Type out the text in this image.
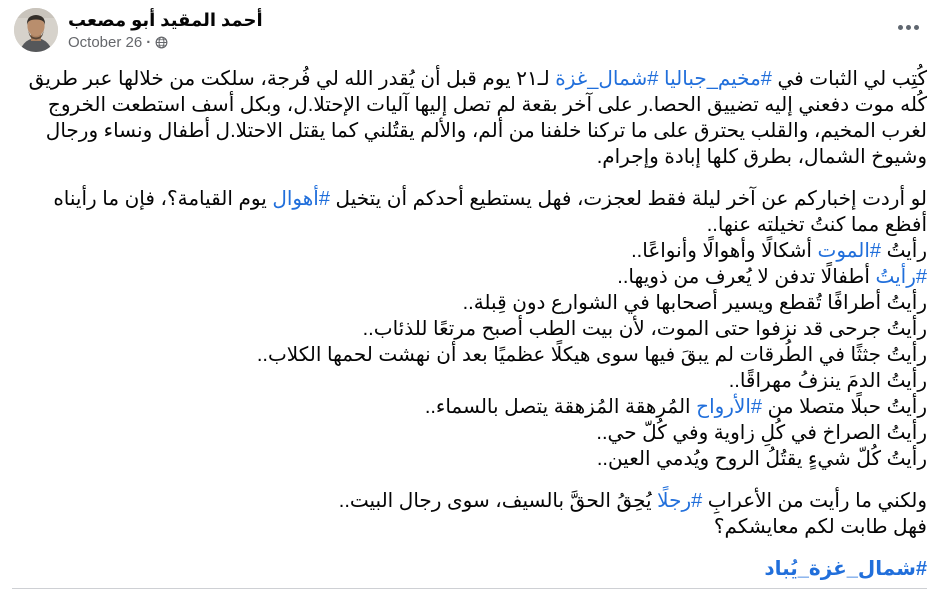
أحمد المقيد أبو مصعب
October 26 ·
كُتِب لي الثبات في #مخيم_جباليا #شمال_غزة لـ٢١ يوم قبل أن يُقدر الله لي فُرجة، سلكت من خلالها عبر طريق كُله موت دفعني إليه تضييق الحصا.ر على آخر بقعة لم تصل إليها آليات الإحتلا.ل، وبكل أسف استطعت الخروج لغرب المخيم، والقلب يحترق على ما تركنا خلفنا من ألم، والألم يقتُلني كما يقتل الاحتلا.ل أطفال ونساء ورجال وشيوخ الشمال، بطرق كلها إبادة وإجرام.
لو أردت إخباركم عن آخر ليلة فقط لعجزت، فهل يستطيع أحدكم أن يتخيل #أهوال يوم القيامة؟، فإن ما رأيناه أفظع مما كنتُ تخيلته عنها..
رأيتُ #الموت أشكالًا وأهوالًا وأنواعًا..
#رأيتُ أطفالًا تدفن لا يُعرف من ذويها..
رأيتُ أطرافًا تُقطع ويسير أصحابها في الشوارع دون قِبلة..
رأيتُ جرحى قد نزفوا حتى الموت، لأن بيت الطب أصبح مرتعًا للذئاب..
رأيتُ جثثًا في الطُرقات لم يبقَ فيها سوى هيكلًا عظميًا بعد أن نهشت لحمها الكلاب..
رأيتُ الدمَ ينزفُ مهراقًا..
رأيتُ حبلًا متصلا من #الأرواح المُرهقة المُزهقة يتصل بالسماء..
رأيتُ الصراخ في كُلِ زاوية وفي كُلّ حي..
رأيتُ كُلّ شيءٍ يقتُلُ الروح ويُدمي العين..
ولكني ما رأيت من الأعرابِ #رجلًا يُحِقُ الحقَّ بالسيف، سوى رجال البيت..
فهل طابت لكم معايشكم؟
#شمال_غزة_يُباد
